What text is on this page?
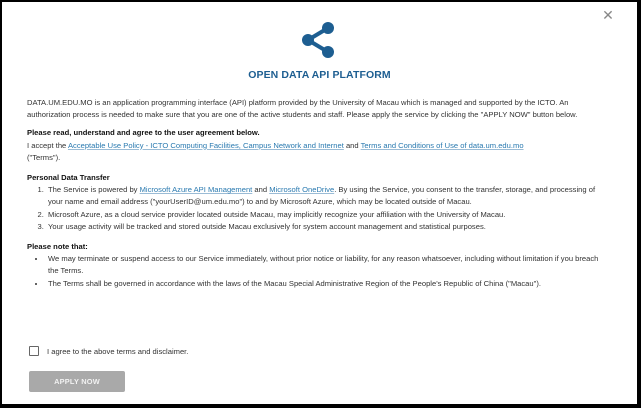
✕
OPEN DATA API PLATFORM

DATA.UM.EDU.MO is an application programming interface (API) platform provided by the University of Macau which is managed and supported by the ICTO. An authorization process is needed to make sure that you are one of the active students and staff. Please apply the service by clicking the "APPLY NOW" button below.

Please read, understand and agree to the user agreement below.

I accept the Acceptable Use Policy - ICTO Computing Facilities, Campus Network and Internet and Terms and Conditions of Use of data.um.edu.mo
("Terms").

Personal Data Transfer

1. The Service is powered by Microsoft Azure API Management and Microsoft OneDrive. By using the Service, you consent to the transfer, storage, and processing of your name and email address ("yourUserID@um.edu.mo") to and by Microsoft Azure, which may be located outside of Macau.
2. Microsoft Azure, as a cloud service provider located outside Macau, may implicitly recognize your affiliation with the University of Macau.
3. Your usage activity will be tracked and stored outside Macau exclusively for system account management and statistical purposes.

Please note that:

• We may terminate or suspend access to our Service immediately, without prior notice or liability, for any reason whatsoever, including without limitation if you breach the Terms.
• The Terms shall be governed in accordance with the laws of the Macau Special Administrative Region of the People's Republic of China ("Macau").
I agree to the above terms and disclaimer.
APPLY NOW
